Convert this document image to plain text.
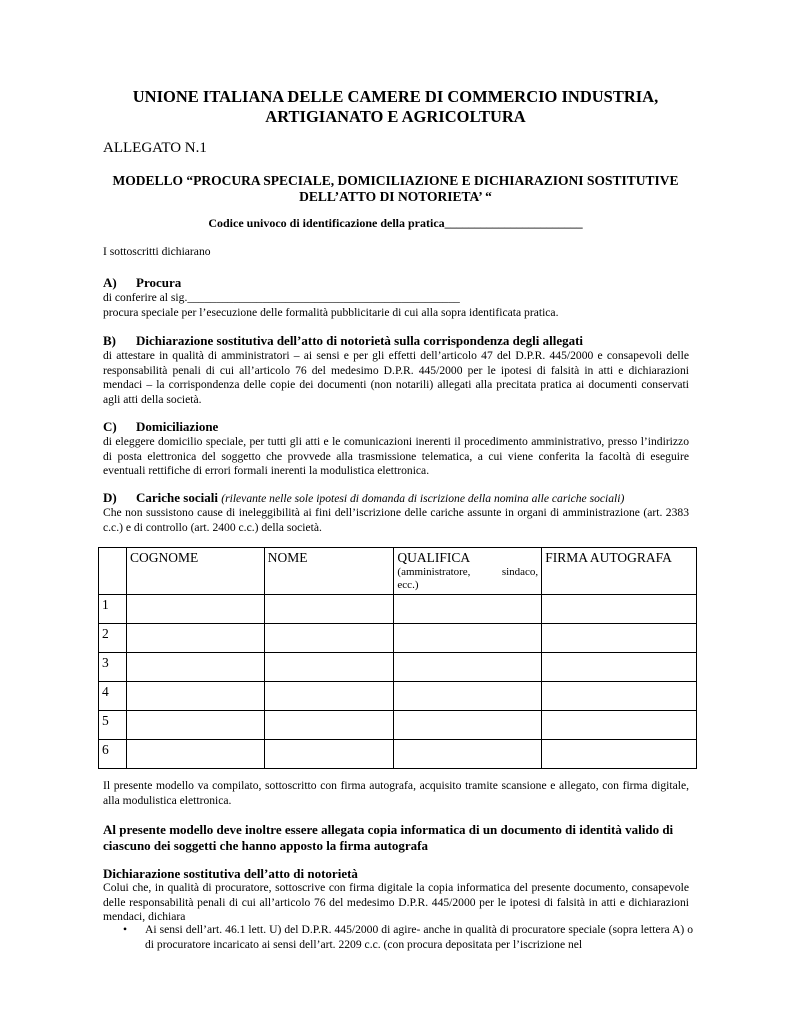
UNIONE ITALIANA DELLE CAMERE DI COMMERCIO INDUSTRIA,
ARTIGIANATO E AGRICOLTURA
ALLEGATO N.1
MODELLO “PROCURA SPECIALE, DOMICILIAZIONE E DICHIARAZIONI SOSTITUTIVE
DELL’ATTO DI NOTORIETA’ “
Codice univoco di identificazione della pratica_______________________
I sottoscritti dichiarano
A) Procura
di conferire al sig._______________________________________________
procura speciale per l’esecuzione delle formalità pubblicitarie di cui alla sopra identificata pratica.
B) Dichiarazione sostitutiva dell’atto di notorietà sulla corrispondenza degli allegati
di attestare in qualità di amministratori – ai sensi e per gli effetti dell’articolo 47 del D.P.R. 445/2000 e consapevoli delle responsabilità penali di cui all’articolo 76 del medesimo D.P.R. 445/2000 per le ipotesi di falsità in atti e dichiarazioni mendaci – la corrispondenza delle copie dei documenti (non notarili) allegati alla precitata pratica ai documenti conservati agli atti della società.
C) Domiciliazione
di eleggere domicilio speciale, per tutti gli atti e le comunicazioni inerenti il procedimento amministrativo, presso l’indirizzo di posta elettronica del soggetto che provvede alla trasmissione telematica, a cui viene conferita la facoltà di eseguire eventuali rettifiche di errori formali inerenti la modulistica elettronica.
D) Cariche sociali (rilevante nelle sole ipotesi di domanda di iscrizione della nomina alle cariche sociali)
Che non sussistono cause di ineleggibilità ai fini dell’iscrizione delle cariche assunte in organi di amministrazione (art. 2383 c.c.) e di controllo (art. 2400 c.c.) della società.
	COGNOME	NOME	QUALIFICA
(amministratore, sindaco,
ecc.)	FIRMA AUTOGRAFA
1				
2				
3				
4				
5				
6				
Il presente modello va compilato, sottoscritto con firma autografa, acquisito tramite scansione e allegato, con firma digitale, alla modulistica elettronica.
Al presente modello deve inoltre essere allegata copia informatica di un documento di identità valido di ciascuno dei soggetti che hanno apposto la firma autografa
Dichiarazione sostitutiva dell’atto di notorietà
Colui che, in qualità di procuratore, sottoscrive con firma digitale la copia informatica del presente documento, consapevole delle responsabilità penali di cui all’articolo 76 del medesimo D.P.R. 445/2000 per le ipotesi di falsità in atti e dichiarazioni mendaci, dichiara
• Ai sensi dell’art. 46.1 lett. U) del D.P.R. 445/2000 di agire- anche in qualità di procuratore speciale (sopra lettera A) o di procuratore incaricato ai sensi dell’art. 2209 c.c. (con procura depositata per l’iscrizione nel
